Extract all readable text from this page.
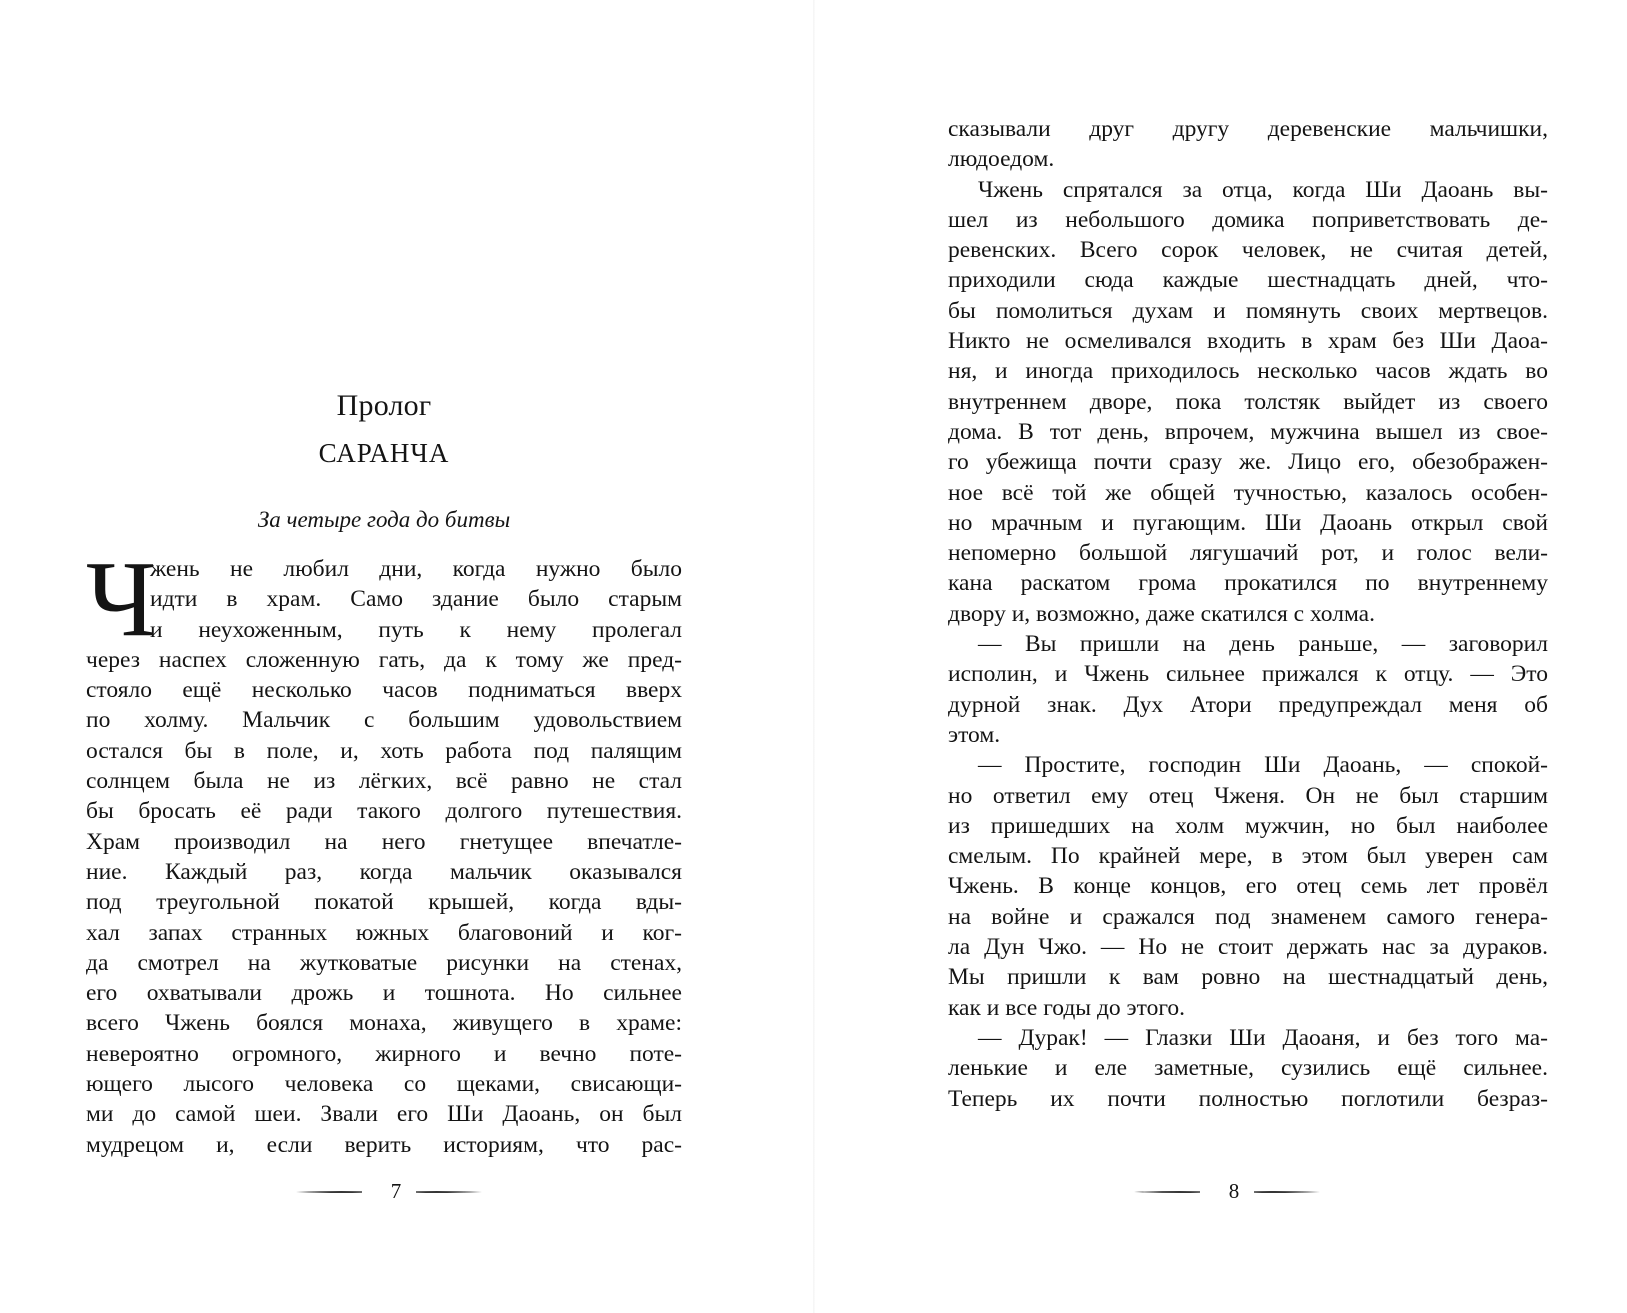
Пролог
САРАНЧА
За четыре года до битвы
Ч
жень не любил дни, когда нужно было
идти в храм. Само здание было старым
и неухоженным, путь к нему пролегал
через наспех сложенную гать, да к тому же пред-
стояло ещё несколько часов подниматься вверх
по холму. Мальчик с большим удовольствием
остался бы в поле, и, хоть работа под палящим
солнцем была не из лёгких, всё равно не стал
бы бросать её ради такого долгого путешествия.
Храм производил на него гнетущее впечатле-
ние. Каждый раз, когда мальчик оказывался
под треугольной покатой крышей, когда вды-
хал запах странных южных благовоний и ког-
да смотрел на жутковатые рисунки на стенах,
его охватывали дрожь и тошнота. Но сильнее
всего Чжень боялся монаха, живущего в храме:
невероятно огромного, жирного и вечно потe-
ющего лысого человека со щеками, свисающи-
ми до самой шеи. Звали его Ши Даоань, он был
мудрецом и, если верить историям, что рас-
7
сказывали друг другу деревенские мальчишки,
людоедом.
Чжень спрятался за отца, когда Ши Даоань вы-
шел из небольшого домика поприветствовать де-
ревенских. Всего сорок человек, не считая детей,
приходили сюда каждые шестнадцать дней, что-
бы помолиться духам и помянуть своих мертвецов.
Никто не осмеливался входить в храм без Ши Даоа-
ня, и иногда приходилось несколько часов ждать во
внутреннем дворе, пока толстяк выйдет из своего
дома. В тот день, впрочем, мужчина вышел из свое-
го убежища почти сразу же. Лицо его, обезображен-
ное всё той же общей тучностью, казалось особен-
но мрачным и пугающим. Ши Даоань открыл свой
непомерно большой лягушачий рот, и голос вели-
кана раскатом грома прокатился по внутреннему
двору и, возможно, даже скатился с холма.
— Вы пришли на день раньше, — заговорил
исполин, и Чжень сильнее прижался к отцу. — Это
дурной знак. Дух Атори предупреждал меня об
этом.
— Простите, господин Ши Даоань, — спокой-
но ответил ему отец Чженя. Он не был старшим
из пришедших на холм мужчин, но был наиболее
смелым. По крайней мере, в этом был уверен сам
Чжень. В конце концов, его отец семь лет провёл
на войне и сражался под знаменем самого генера-
ла Дун Чжо. — Но не стоит держать нас за дураков.
Мы пришли к вам ровно на шестнадцатый день,
как и все годы до этого.
— Дурак! — Глазки Ши Даоаня, и без того ма-
ленькие и еле заметные, сузились ещё сильнее.
Теперь их почти полностью поглотили безраз-
8
